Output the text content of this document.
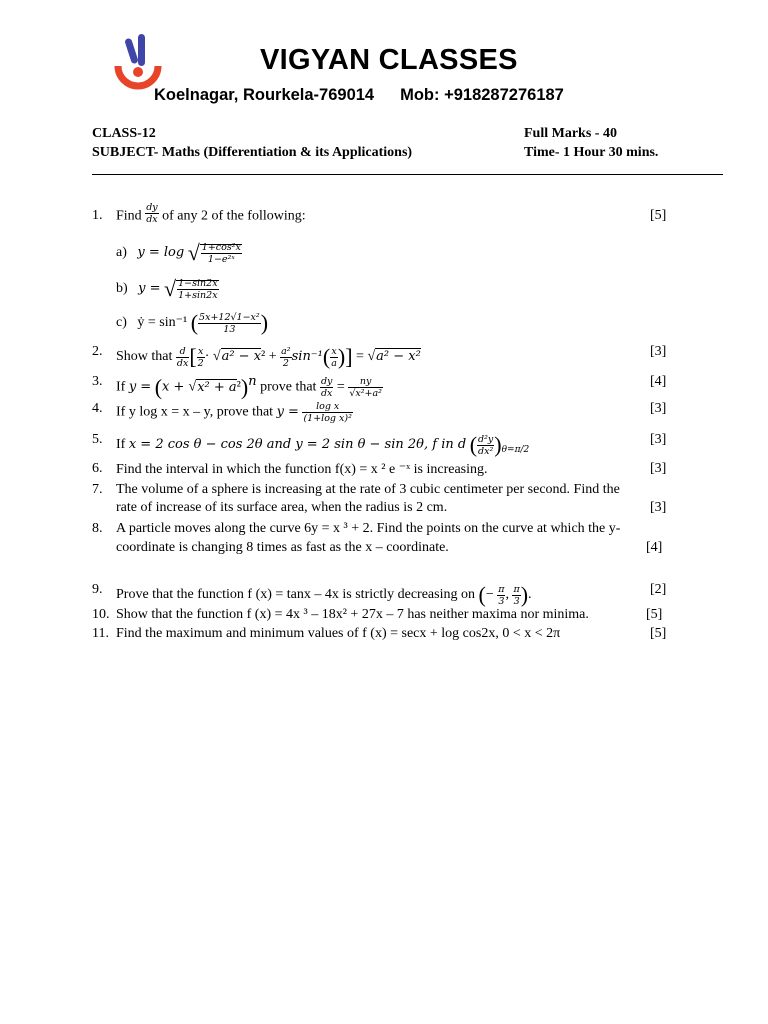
VIGYAN CLASSES
Koelnagar, Rourkela-769014 Mob: +918287276187
CLASS-12
SUBJECT- Maths (Differentiation & its Applications)
Full Marks - 40
Time- 1 Hour 30 mins.
1. Find $\frac{dy}{dx}$ of any 2 of the following:	[5]
a) y = log √ $\frac{\text{1+cos²x}}{\text{1−e²ˣ}}$
b) y = √ $\frac{1-\sin 2x}{1+\sin 2x}$
c) ẏ = sin⁻¹ ( $\frac{\text{5x+12√1−x²}}{13}$ )
2. Show that $\frac{d}{dx}$ [ $\frac{x}{2} \cdot √a^2 - x^2 + \frac{\text{a²}}{2} \sin^{-1}( \frac{x}{a}$ )] = √a² − x²	[3]
3. If $y = (x + √x^2 + a^2)^n$ prove that $\frac{dy}{dx} = \frac{ny}{\text{√x²+a²}}$	[4]
4. If y log x = x – y, prove that $y = \frac{\text{log x}}{\text{(1+log x)²}}$	[3]
5. If x = 2 cos θ − cos 2θ and y = 2 sin θ − sin 2θ, f in d ( $\frac{\text{d²y}}{\text{dx²}} )_{\theta=\pi/2}$
[3]
6. Find the interval in which the function f(x) = x ² e ⁻ˣ is increasing.	[3]
7. The volume of a sphere is increasing at the rate of 3 cubic centimeter per second. Find the
rate of increase of its surface area, when the radius is 2 cm.	[3]
8. A particle moves along the curve 6y = x ³ + 2. Find the points on the curve at which the y-
coordinate is changing 8 times as fast as the x – coordinate.	[4]
9. Prove that the function f (x) = tanx – 4x is strictly decreasing on (− $\frac{\pi}{3}$ , $\frac{\pi}{3}$ ).	[2]
10. Show that the function f (x) = 4x ³ – 18x² + 27x – 7 has neither maxima nor minima.	[5]
11. Find the maximum and minimum values of f (x) = secx + log cos2x, 0 < x < 2π	[5]
